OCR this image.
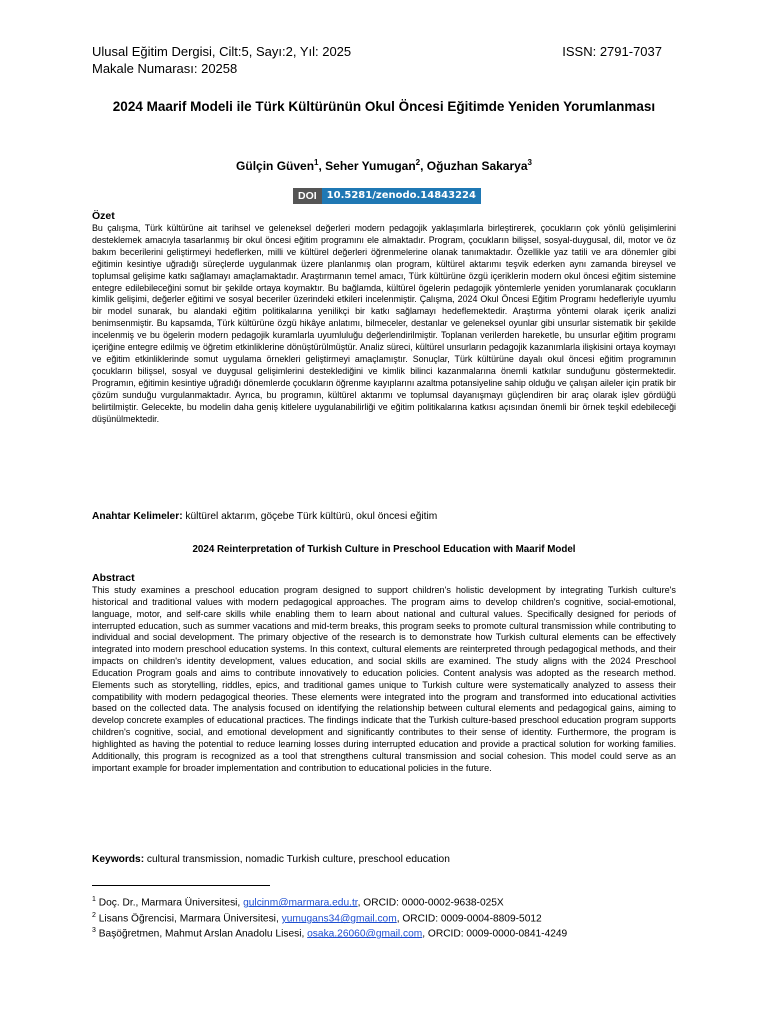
Ulusal Eğitim Dergisi, Cilt:5, Sayı:2, Yıl: 2025	ISSN: 2791-7037
Makale Numarası: 20258
2024 Maarif Modeli ile Türk Kültürünün Okul Öncesi Eğitimde Yeniden Yorumlanması
Gülçin Güven$^1$, Seher Yumugan$^2$, Oğuzhan Sakarya$^3$
DOI	10.5281/zenodo.14843224
Özet
Bu çalışma, Türk kültürüne ait tarihsel ve geleneksel değerleri modern pedagojik yaklaşımlarla birleştirerek, çocukların çok yönlü gelişimlerini desteklemek amacıyla tasarlanmış bir okul öncesi eğitim programını ele almaktadır. Program, çocukların bilişsel, sosyal-duygusal, dil, motor ve öz bakım becerilerini geliştirmeyi hedeflerken, milli ve kültürel değerleri öğrenmelerine olanak tanımaktadır. Özellikle yaz tatili ve ara dönemler gibi eğitimin kesintiye uğradığı süreçlerde uygulanmak üzere planlanmış olan program, kültürel aktarımı teşvik ederken aynı zamanda bireysel ve toplumsal gelişime katkı sağlamayı amaçlamaktadır. Araştırmanın temel amacı, Türk kültürüne özgü içeriklerin modern okul öncesi eğitim sistemine entegre edilebileceğini somut bir şekilde ortaya koymaktır. Bu bağlamda, kültürel ögelerin pedagojik yöntemlerle yeniden yorumlanarak çocukların kimlik gelişimi, değerler eğitimi ve sosyal beceriler üzerindeki etkileri incelenmiştir. Çalışma, 2024 Okul Öncesi Eğitim Programı hedefleriyle uyumlu bir model sunarak, bu alandaki eğitim politikalarına yenilikçi bir katkı sağlamayı hedeflemektedir. Araştırma yöntemi olarak içerik analizi benimsenmiştir. Bu kapsamda, Türk kültürüne özgü hikâye anlatımı, bilmeceler, destanlar ve geleneksel oyunlar gibi unsurlar sistematik bir şekilde incelenmiş ve bu ögelerin modern pedagojik kuramlarla uyumluluğu değerlendirilmiştir. Toplanan verilerden hareketle, bu unsurlar eğitim programı içeriğine entegre edilmiş ve öğretim etkinliklerine dönüştürülmüştür. Analiz süreci, kültürel unsurların pedagojik kazanımlarla ilişkisini ortaya koymayı ve eğitim etkinliklerinde somut uygulama örnekleri geliştirmeyi amaçlamıştır. Sonuçlar, Türk kültürüne dayalı okul öncesi eğitim programının çocukların bilişsel, sosyal ve duygusal gelişimlerini desteklediğini ve kimlik bilinci kazanmalarına önemli katkılar sunduğunu göstermektedir. Programın, eğitimin kesintiye uğradığı dönemlerde çocukların öğrenme kayıplarını azaltma potansiyeline sahip olduğu ve çalışan aileler için pratik bir çözüm sunduğu vurgulanmaktadır. Ayrıca, bu programın, kültürel aktarımı ve toplumsal dayanışmayı güçlendiren bir araç olarak işlev gördüğü belirtilmiştir. Gelecekte, bu modelin daha geniş kitlelere uygulanabilirliği ve eğitim politikalarına katkısı açısından önemli bir örnek teşkil edebileceği düşünülmektedir.
Anahtar Kelimeler: kültürel aktarım, göçebe Türk kültürü, okul öncesi eğitim
2024 Reinterpretation of Turkish Culture in Preschool Education with Maarif Model
Abstract
This study examines a preschool education program designed to support children's holistic development by integrating Turkish culture's historical and traditional values with modern pedagogical approaches. The program aims to develop children's cognitive, social-emotional, language, motor, and self-care skills while enabling them to learn about national and cultural values. Specifically designed for periods of interrupted education, such as summer vacations and mid-term breaks, this program seeks to promote cultural transmission while contributing to individual and social development. The primary objective of the research is to demonstrate how Turkish cultural elements can be effectively integrated into modern preschool education systems. In this context, cultural elements are reinterpreted through pedagogical methods, and their impacts on children's identity development, values education, and social skills are examined. The study aligns with the 2024 Preschool Education Program goals and aims to contribute innovatively to education policies. Content analysis was adopted as the research method. Elements such as storytelling, riddles, epics, and traditional games unique to Turkish culture were systematically analyzed to assess their compatibility with modern pedagogical theories. These elements were integrated into the program and transformed into educational activities based on the collected data. The analysis focused on identifying the relationship between cultural elements and pedagogical gains, aiming to develop concrete examples of educational practices. The findings indicate that the Turkish culture-based preschool education program supports children's cognitive, social, and emotional development and significantly contributes to their sense of identity. Furthermore, the program is highlighted as having the potential to reduce learning losses during interrupted education and provide a practical solution for working families. Additionally, this program is recognized as a tool that strengthens cultural transmission and social cohesion. This model could serve as an important example for broader implementation and contribution to educational policies in the future.
Keywords: cultural transmission, nomadic Turkish culture, preschool education
$^1$ Doç. Dr., Marmara Üniversitesi, gulcinm@marmara.edu.tr, ORCID: 0000-0002-9638-025X
$^2$ Lisans Öğrencisi, Marmara Üniversitesi, yumugans34@gmail.com, ORCID: 0009-0004-8809-5012
$^3$ Başöğretmen, Mahmut Arslan Anadolu Lisesi, osaka.26060@gmail.com, ORCID: 0009-0000-0841-4249
